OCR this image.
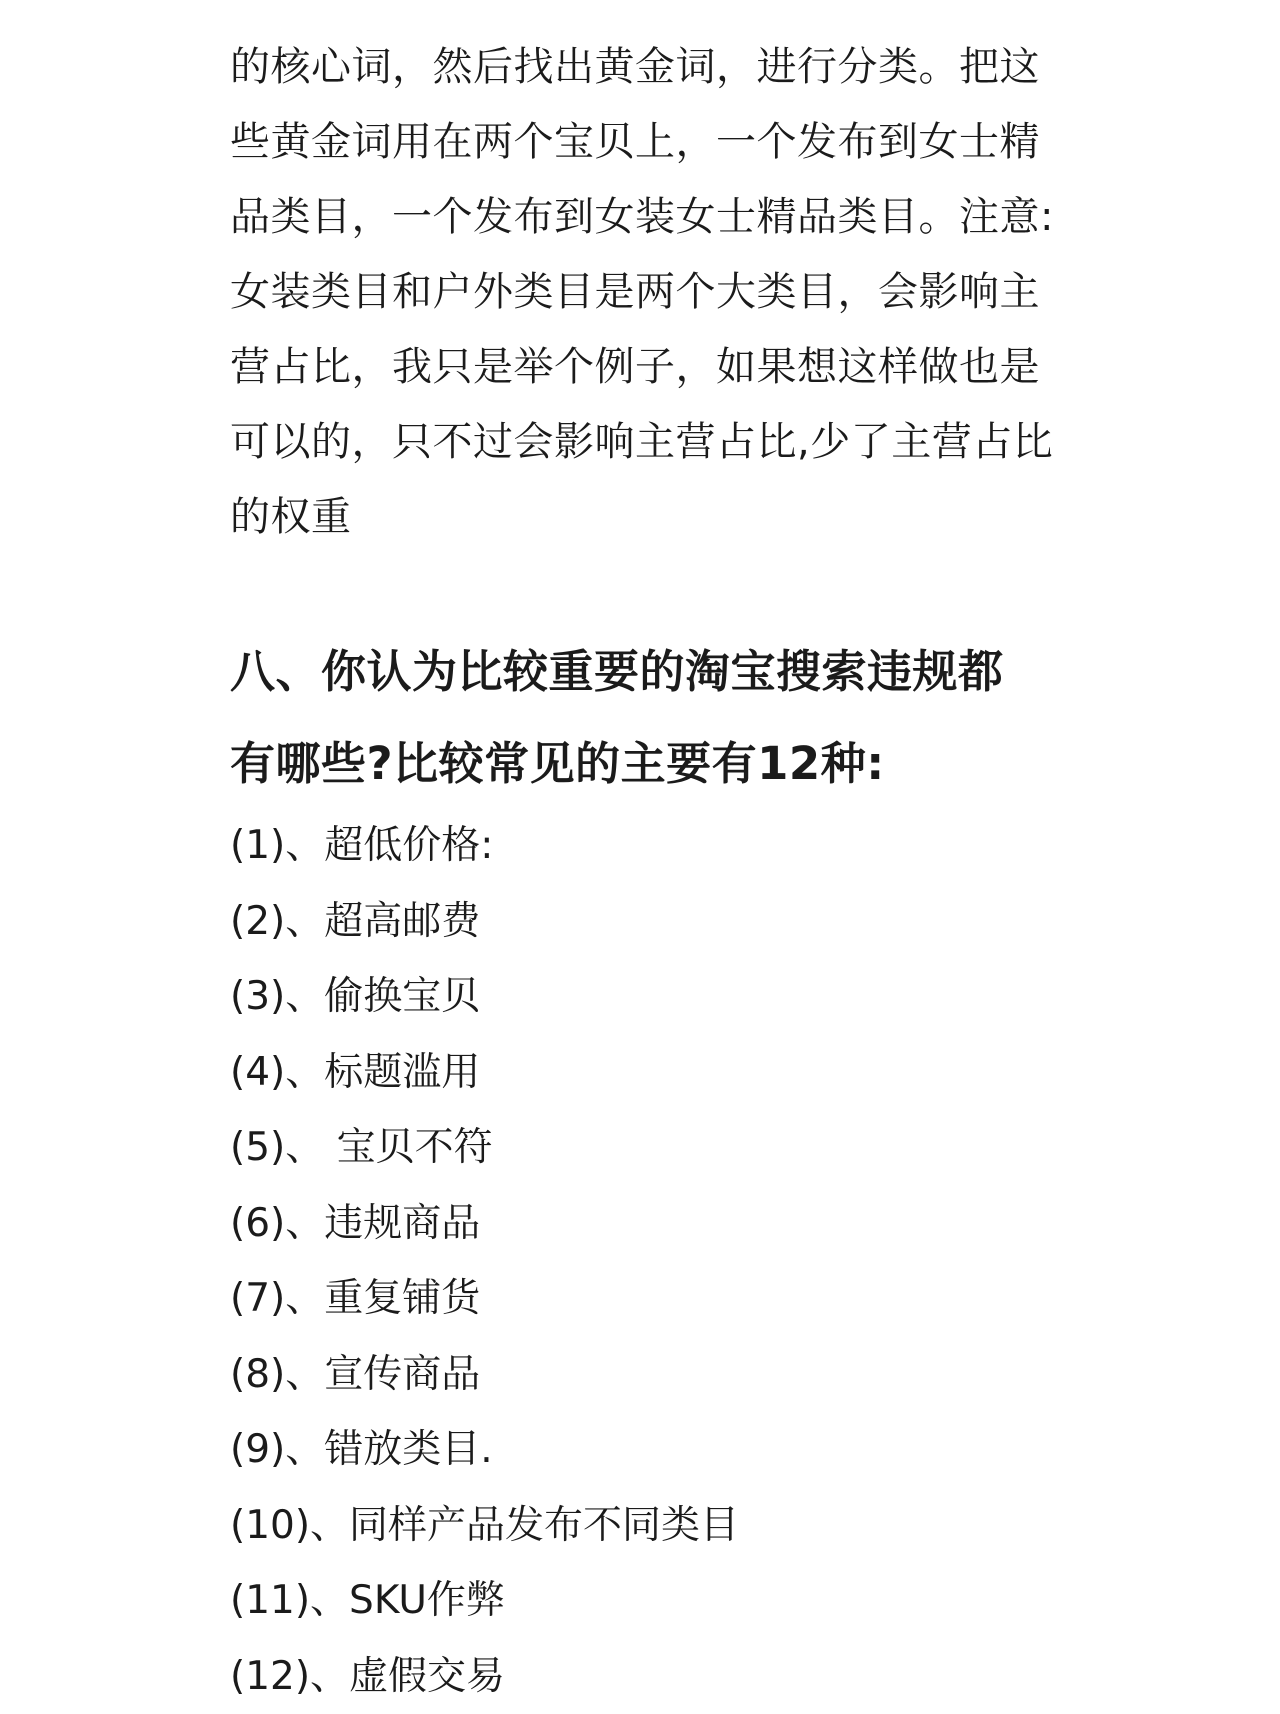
的核心词，然后找出黄金词，进行分类。把这
些黄金词用在两个宝贝上，一个发布到女士精
品类目，一个发布到女装女士精品类目。注意:
女装类目和户外类目是两个大类目，会影响主
营占比，我只是举个例子，如果想这样做也是
可以的，只不过会影响主营占比,少了主营占比
的权重

八、你认为比较重要的淘宝搜索违规都
有哪些?比较常见的主要有12种:
(1)、超低价格:
(2)、超高邮费
(3)、偷换宝贝
(4)、标题滥用
(5)、 宝贝不符
(6)、违规商品
(7)、重复铺货
(8)、宣传商品
(9)、错放类目.
(10)、同样产品发布不同类目
(11)、SKU作弊
(12)、虚假交易
